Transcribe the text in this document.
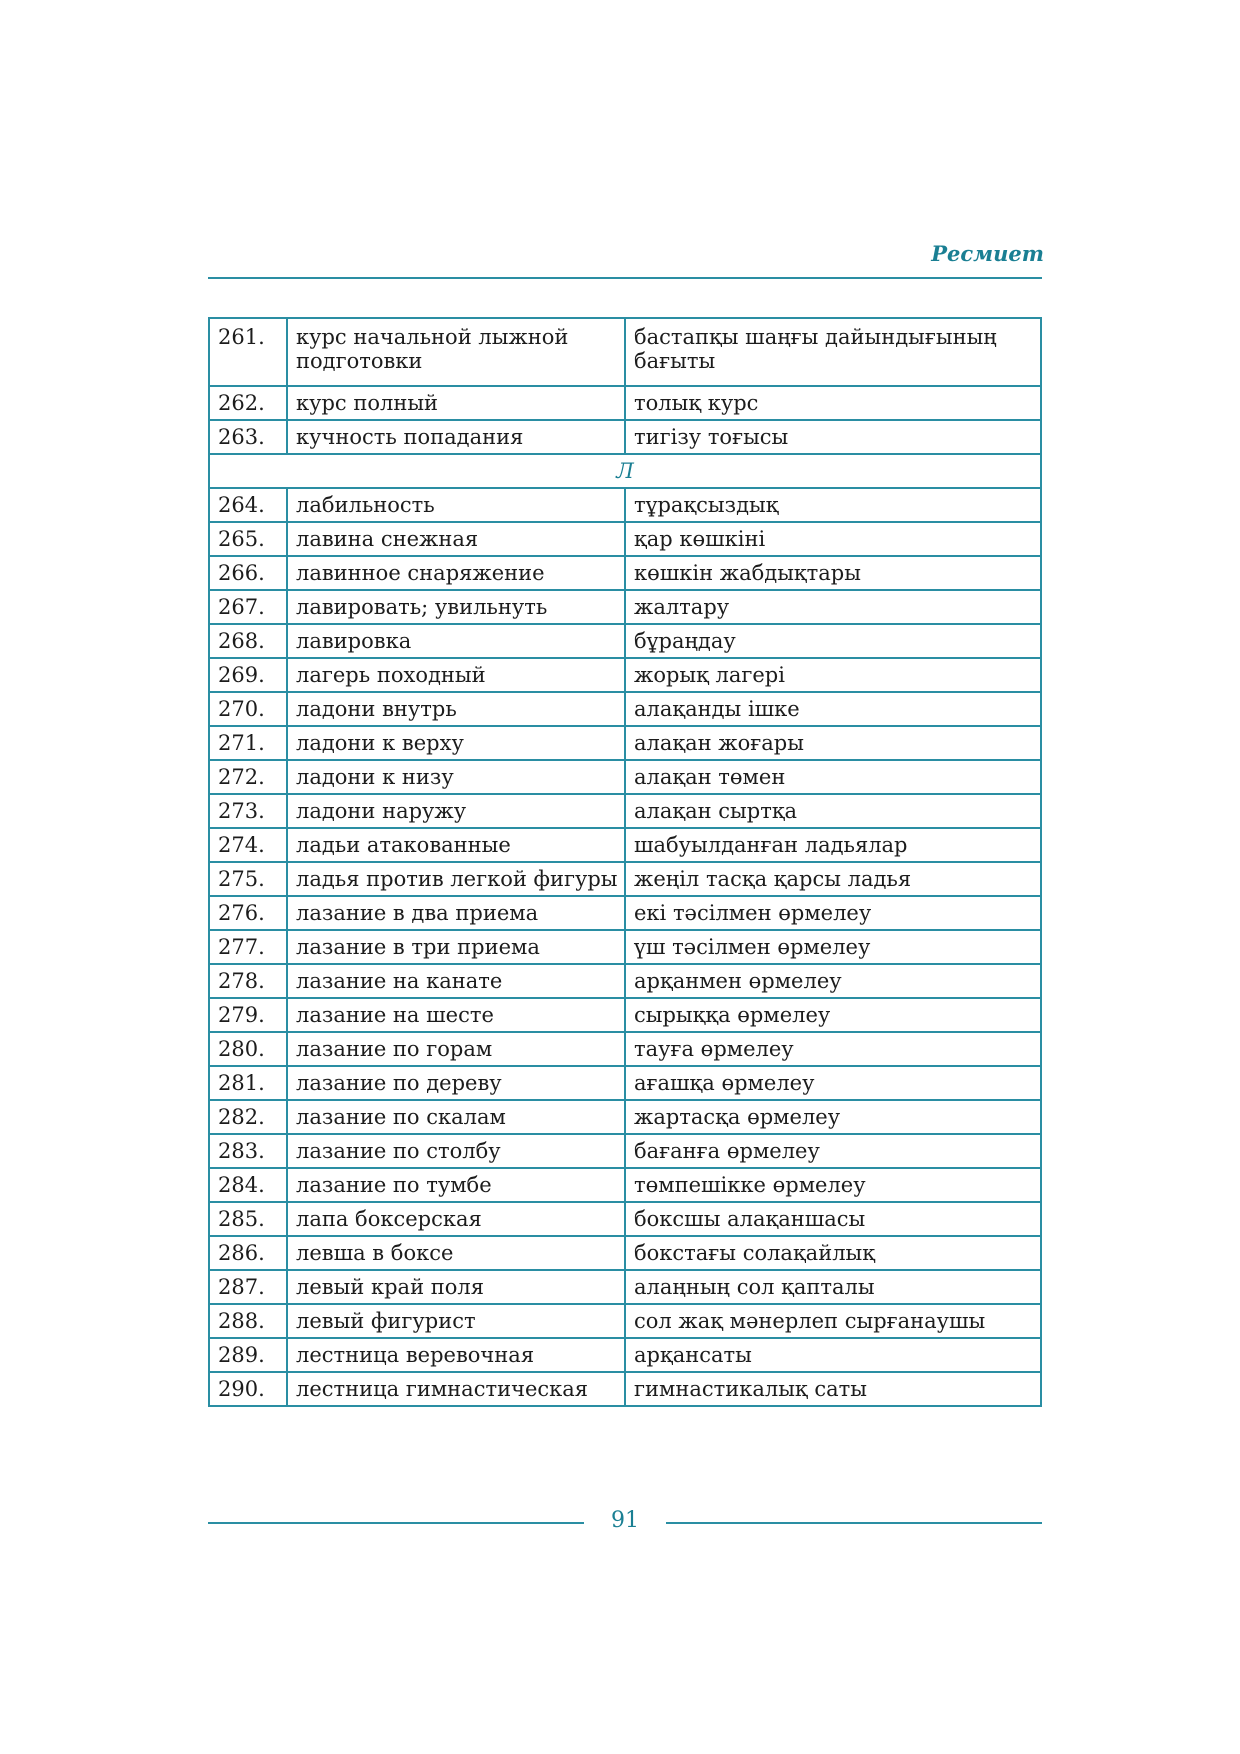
Ресмиет
261.	курс начальной лыжной подготовки	бастапқы шаңғы дайындығының бағыты
262.	курс полный	толық курс
263.	кучность попадания	тигізу тоғысы
Л		
264.	лабильность	тұрақсыздық
265.	лавина снежная	қар көшкіні
266.	лавинное снаряжение	көшкін жабдықтары
267.	лавировать; увильнуть	жалтару
268.	лавировка	бұраңдау
269.	лагерь походный	жорық лагері
270.	ладони внутрь	алақанды ішке
271.	ладони к верху	алақан жоғары
272.	ладони к низу	алақан төмен
273.	ладони наружу	алақан сыртқа
274.	ладьи атакованные	шабуылданған ладьялар
275.	ладья против легкой фигуры	жеңіл тасқа қарсы ладья
276.	лазание в два приема	екі тәсілмен өрмелеу
277.	лазание в три приема	үш тәсілмен өрмелеу
278.	лазание на канате	арқанмен өрмелеу
279.	лазание на шесте	сырыққа өрмелеу
280.	лазание по горам	тауға өрмелеу
281.	лазание по дереву	ағашқа өрмелеу
282.	лазание по скалам	жартасқа өрмелеу
283.	лазание по столбу	бағанға өрмелеу
284.	лазание по тумбе	төмпешікке өрмелеу
285.	лапа боксерская	боксшы алақаншасы
286.	левша в боксе	бокстағы солақайлық
287.	левый край поля	алаңның сол қапталы
288.	левый фигурист	сол жақ мәнерлеп сырғанаушы
289.	лестница веревочная	арқансаты
290.	лестница гимнастическая	гимнастикалық саты
91
